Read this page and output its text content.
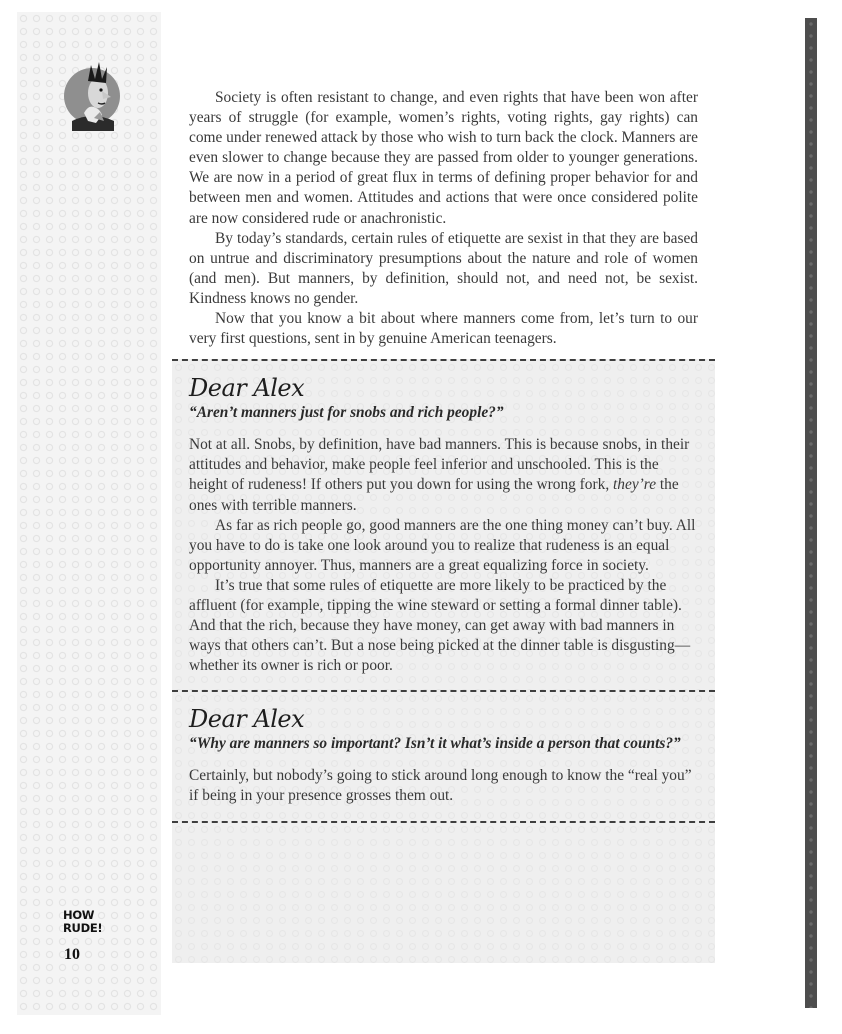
Society is often resistant to change, and even rights that have been won after years of struggle (for example, women’s rights, voting rights, gay rights) can come under renewed attack by those who wish to turn back the clock. Manners are even slower to change because they are passed from older to younger generations. We are now in a period of great flux in terms of defining proper behavior for and between men and women. Attitudes and actions that were once considered polite are now considered rude or anachronistic.

By today’s standards, certain rules of etiquette are sexist in that they are based on untrue and discriminatory presumptions about the nature and role of women (and men). But manners, by definition, should not, and need not, be sexist. Kindness knows no gender.

Now that you know a bit about where manners come from, let’s turn to our very first questions, sent in by genuine American teenagers.

Dear Alex
“Aren’t manners just for snobs and rich people?”

Not at all. Snobs, by definition, have bad manners. This is because snobs, in their attitudes and behavior, make people feel inferior and unschooled. This is the height of rudeness! If others put you down for using the wrong fork, they’re the ones with terrible manners.

As far as rich people go, good manners are the one thing money can’t buy. All you have to do is take one look around you to realize that rudeness is an equal opportunity annoyer. Thus, manners are a great equalizing force in society.

It’s true that some rules of etiquette are more likely to be practiced by the affluent (for example, tipping the wine steward or setting a formal dinner table). And that the rich, because they have money, can get away with bad manners in ways that others can’t. But a nose being picked at the dinner table is disgusting—whether its owner is rich or poor.

Dear Alex
“Why are manners so important? Isn’t it what’s inside a person that counts?”

Certainly, but nobody’s going to stick around long enough to know the “real you” if being in your presence grosses them out.

HOW
RUDE!
10
